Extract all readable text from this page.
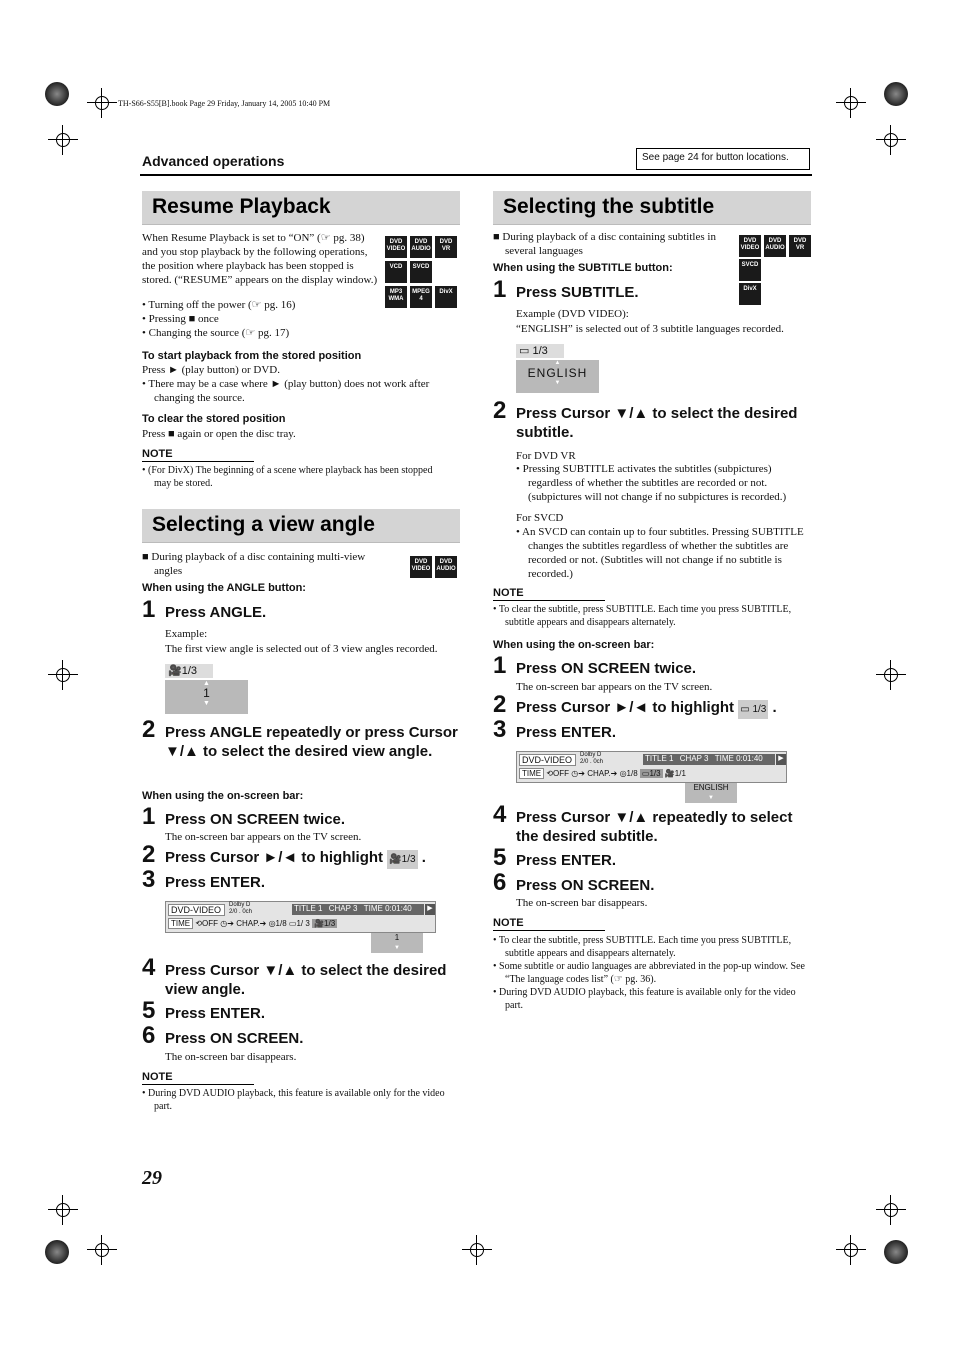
TH-S66-S55[B].book Page 29 Friday, January 14, 2005 10:40 PM
Advanced operations	See page 24 for button locations.
Resume Playback
When Resume Playback is set to “ON” (☞ pg. 38) and you stop playback by the following operations, the position where playback has been stopped is stored. (“RESUME” appears on the display window.)
DVD VIDEO
DVD AUDIO
DVD VR
VCD	SVCD
MP3 WMA
MPEG 4
DivX
• Turning off the power (☞ pg. 16)
• Pressing ■ once
• Changing the source (☞ pg. 17)
To start playback from the stored position
Press ► (play button) or DVD.
• There may be a case where ► (play button) does not work after changing the source.
To clear the stored position
Press ■ again or open the disc tray.
NOTE
• (For DivX) The beginning of a scene where playback has been stopped may be stored.
Selecting a view angle
■ During playback of a disc containing multi-view angles
DVD VIDEO
DVD AUDIO
When using the ANGLE button:
1 Press ANGLE.
Example:
The first view angle is selected out of 3 view angles recorded.
🎥1/3
▲
1
▼
2 Press ANGLE repeatedly or press Cursor ▼/▲ to select the desired view angle.
When using the on-screen bar:
1 Press ON SCREEN twice.
The on-screen bar appears on the TV screen.
2 Press Cursor ►/◄ to highlight 🎥1/3 .
3 Press ENTER.
DVD-VIDEO	Dolby D
2/0 . 0ch	TITLE 1 CHAP 3 TIME 0:01:40	▶
TIME ⟲OFF ◷➔ CHAP.➔ ◎1/8 ▭1/ 3 🎥1/3
1
▼
4 Press Cursor ▼/▲ to select the desired view angle.
5 Press ENTER.
6 Press ON SCREEN.
The on-screen bar disappears.
NOTE
• During DVD AUDIO playback, this feature is available only for the video part.
29
Selecting the subtitle
■ During playback of a disc containing subtitles in several languages
DVD VIDEO
DVD AUDIO
DVD VR
SVCD
DivX
When using the SUBTITLE button:
1 Press SUBTITLE.
Example (DVD VIDEO):
“ENGLISH” is selected out of 3 subtitle languages recorded.
▭ 1/3
▲
ENGLISH
▼
2 Press Cursor ▼/▲ to select the desired subtitle.
For DVD VR
• Pressing SUBTITLE activates the subtitles (subpictures) regardless of whether the subtitles are recorded or not. (subpictures will not change if no subpictures is recorded.)
For SVCD
• An SVCD can contain up to four subtitles. Pressing SUBTITLE changes the subtitles regardless of whether the subtitles are recorded or not. (Subtitles will not change if no subtitle is recorded.)
NOTE
• To clear the subtitle, press SUBTITLE. Each time you press SUBTITLE, subtitle appears and disappears alternately.
When using the on-screen bar:
1 Press ON SCREEN twice.
The on-screen bar appears on the TV screen.
2 Press Cursor ►/◄ to highlight ▭ 1/3 .
3 Press ENTER.
DVD-VIDEO	Dolby D
2/0 . 0ch	TITLE 1 CHAP 3 TIME 0:01:40	▶
TIME ⟲OFF ◷➔ CHAP.➔ ◎1/8 ▭1/3 🎥1/1
ENGLISH
▼
4 Press Cursor ▼/▲ repeatedly to select the desired subtitle.
5 Press ENTER.
6 Press ON SCREEN.
The on-screen bar disappears.
NOTE
• To clear the subtitle, press SUBTITLE. Each time you press SUBTITLE, subtitle appears and disappears alternately.
• Some subtitle or audio languages are abbreviated in the pop-up window. See “The language codes list” (☞ pg. 36).
• During DVD AUDIO playback, this feature is available only for the video part.
